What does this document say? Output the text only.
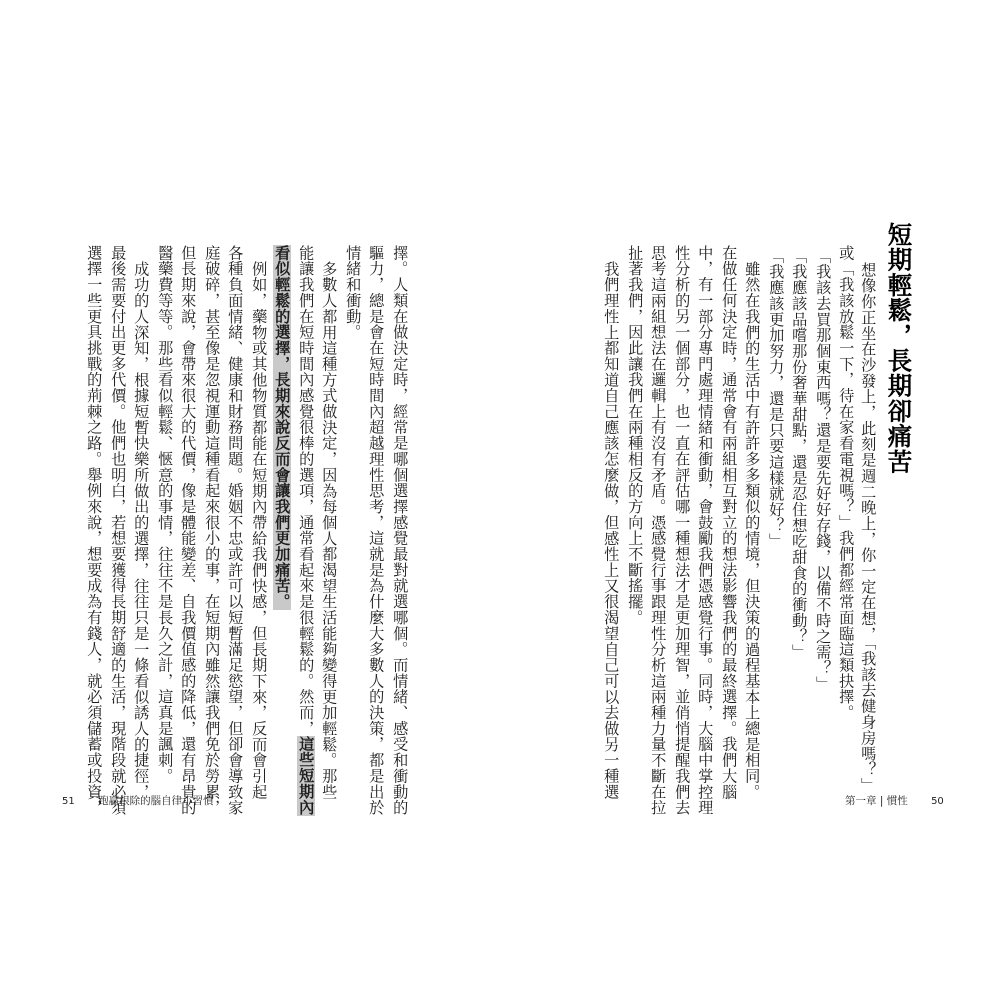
短期輕鬆，長期卻痛苦
想像你正坐在沙發上，此刻是週二晚上，你一定在想，「我該去健身房嗎？」
或「我該放鬆一下，待在家看電視嗎？」我們都經常面臨這類抉擇。
「我該去買那個東西嗎？還是要先好好存錢，以備不時之需？」
「我應該品嚐那份奢華甜點，還是忍住想吃甜食的衝動？」
「我應該更加努力，還是只要這樣就好？」
雖然在我們的生活中有許許多多類似的情境，但決策的過程基本上總是相同。
在做任何決定時，通常會有兩組相互對立的想法影響我們的最終選擇。我們大腦
中，有一部分專門處理情緒和衝動，會鼓勵我們憑感覺行事。同時，大腦中掌控理
性分析的另一個部分，也一直在評估哪一種想法才是更加理智，並俏悄提醒我們去
思考這兩組想法在邏輯上有沒有矛盾。憑感覺行事跟理性分析這兩種力量不斷在拉
扯著我們，因此讓我們在兩種相反的方向上不斷搖擺。
我們理性上都知道自己應該怎麼做，但感性上又很渴望自己可以去做另一種選
第一章 | 慣性 50
擇。人類在做決定時，經常是哪個選擇感覺最對就選哪個。而情緒、感受和衝動的
驅力，總是會在短時間內超越理性思考，這就是為什麼大多數人的決策，都是出於
情緒和衝動。
多數人都用這種方式做決定，因為每個人都渴望生活能夠變得更加輕鬆。那些
能讓我們在短時間內感覺很棒的選項，通常看起來是很輕鬆的。然而，這些短期內
看似輕鬆的選擇，長期來說反而會讓我們更加痛苦。
例如，藥物或其他物質都能在短期內帶給我們快感，但長期下來，反而會引起
各種負面情緒、健康和財務問題。婚姻不忠或許可以短暫滿足慾望，但卻會導致家
庭破碎，甚至像是忽視運動這種看起來很小的事，在短期內雖然讓我們免於勞累，
但長期來說，會帶來很大的代價，像是體能變差、自我價值感的降低，還有昂貴的
醫藥費等等。那些看似輕鬆、愜意的事情，往往不是長久之計，這真是諷刺。
成功的人深知，根據短暫快樂所做出的選擇，往往只是一條看似誘人的捷徑，
最後需要付出更多代價。他們也明白，若想要獲得長期舒適的生活，現階段就必須
選擇一些更具挑戰的荊棘之路。舉例來說，想要成為有錢人，就必須儲蓄或投資，
51 跑贏根除的腦自律小習慣
